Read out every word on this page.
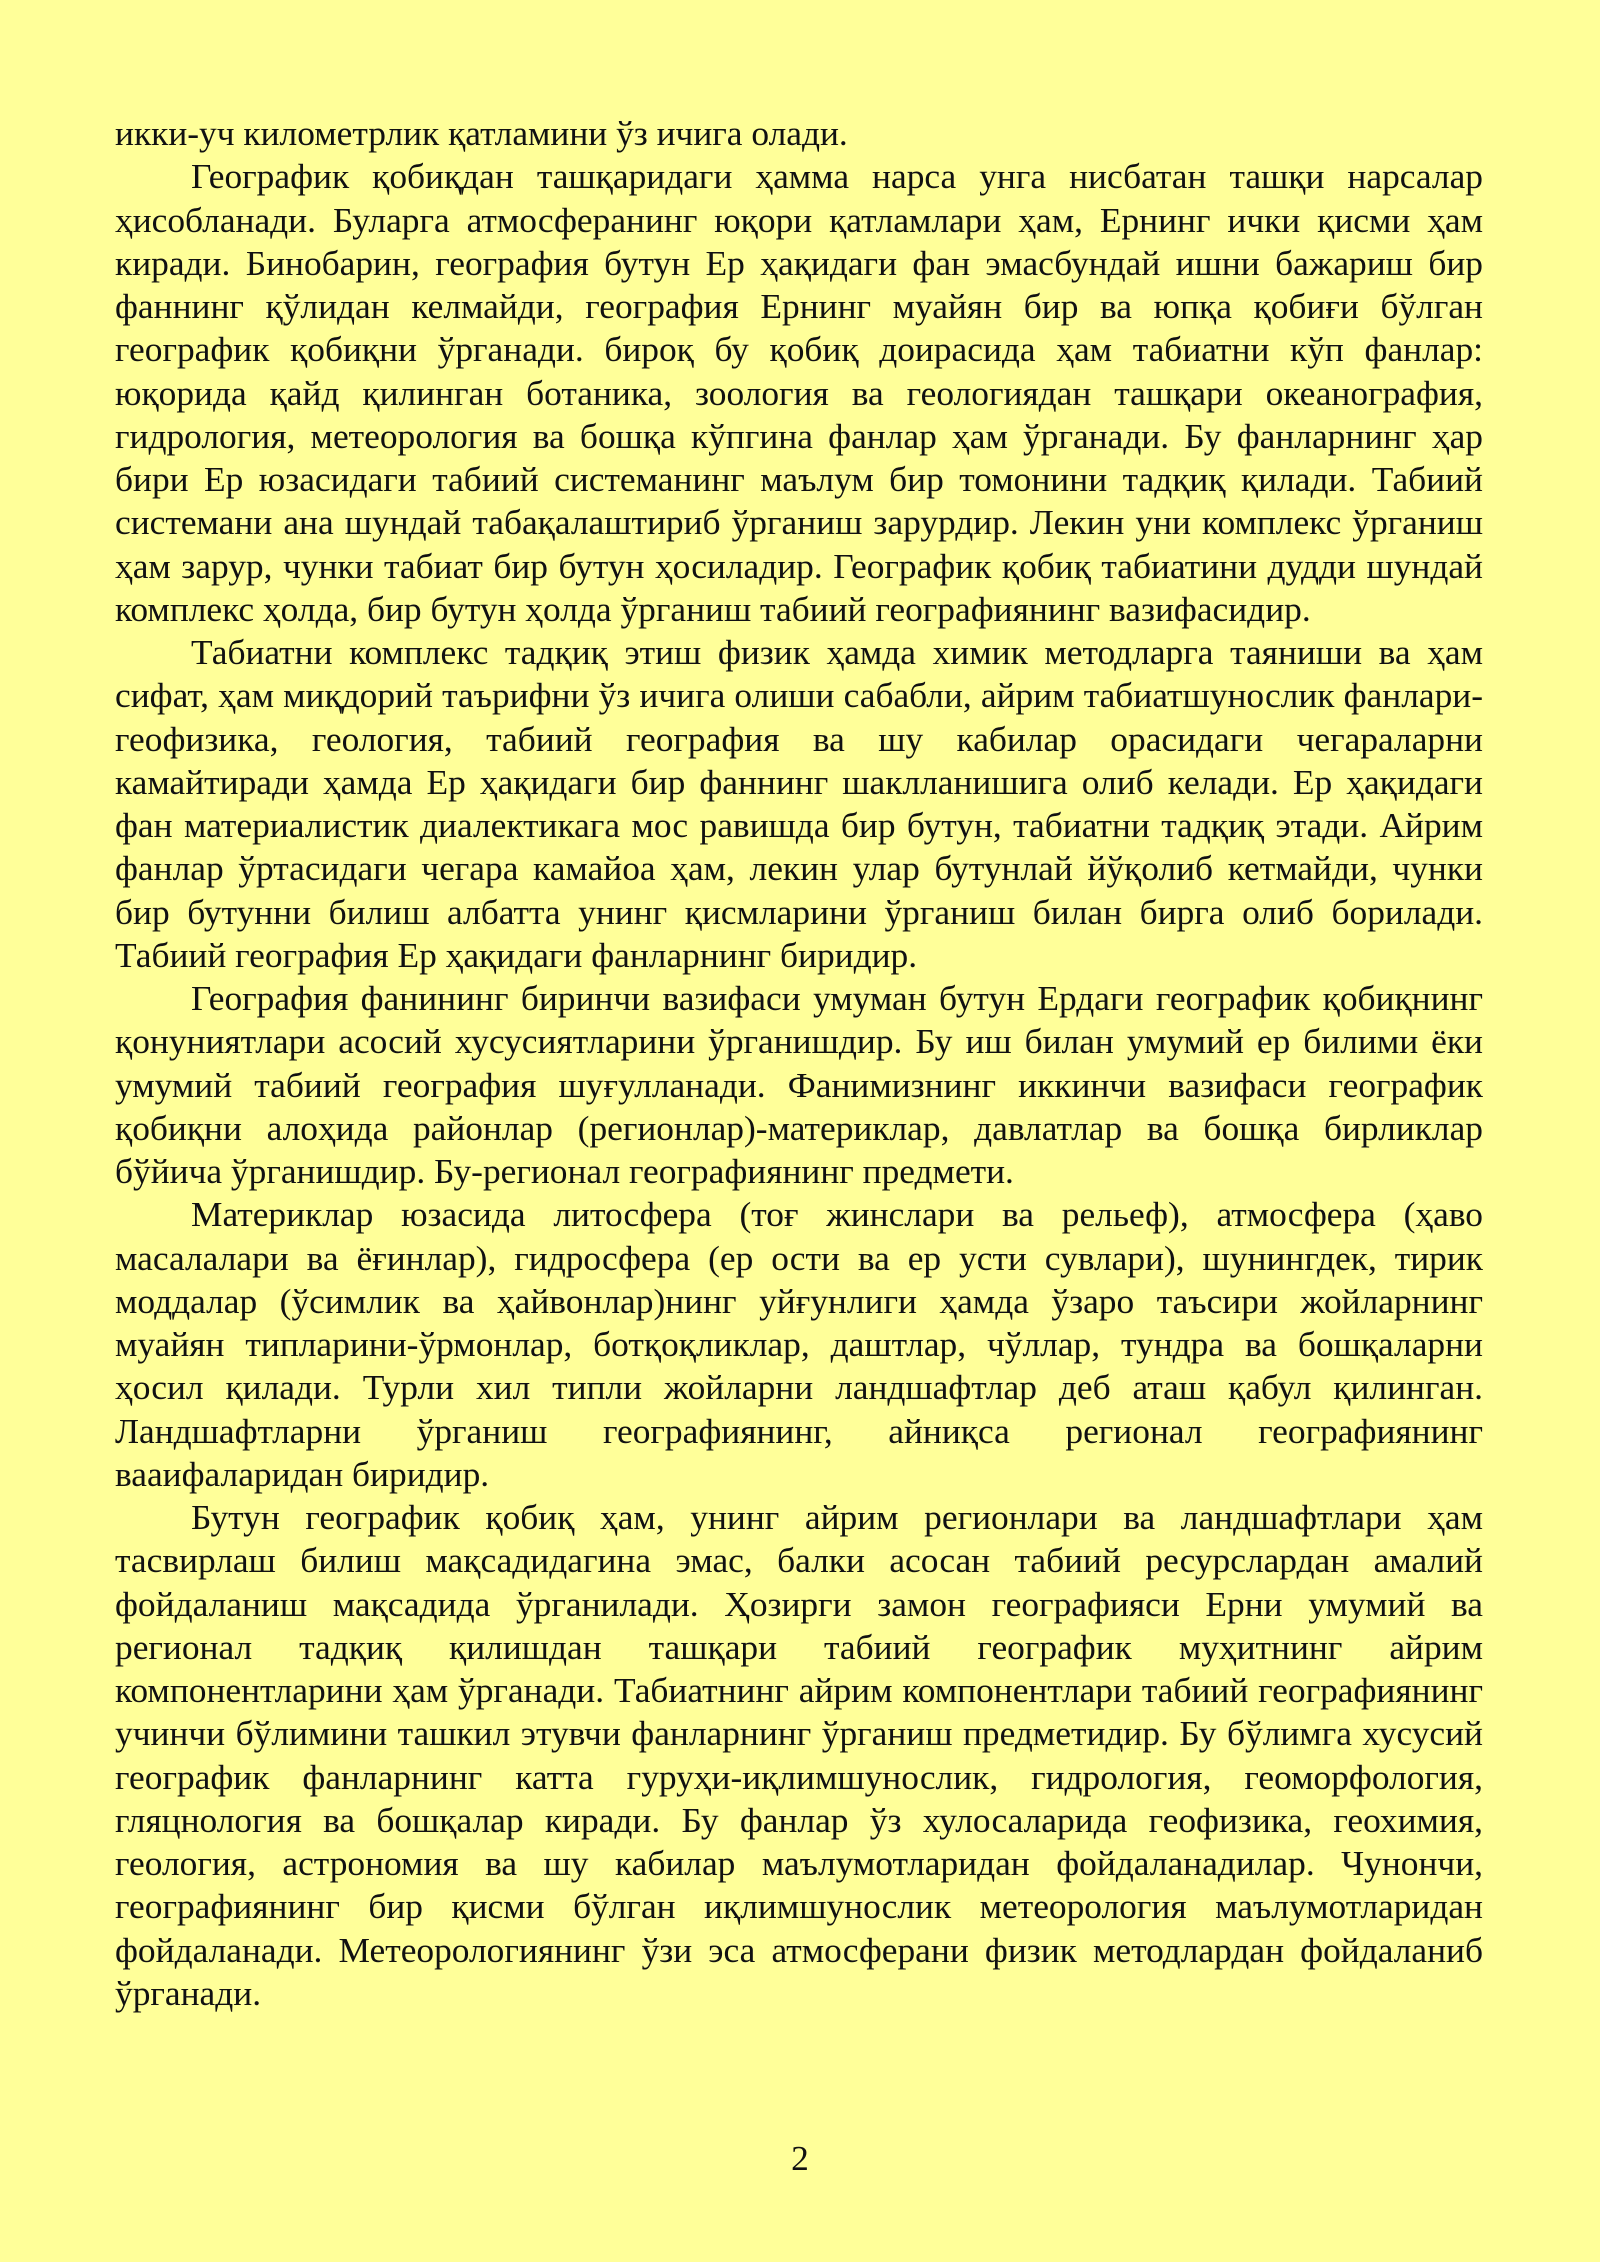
икки-уч километрлик қатламини ўз ичига олади.

Географик қобиқдан ташқаридаги ҳамма нарса унга нисбатан ташқи нарсалар ҳисобланади. Буларга атмосферанинг юқори қатламлари ҳам, Ернинг ички қисми ҳам киради. Бинобарин, география бутун Ер ҳақидаги фан эмасбундай ишни бажариш бир фаннинг қўлидан келмайди, география Ернинг муайян бир ва юпқа қобиғи бўлган географик қобиқни ўрганади. бироқ бу қобиқ доирасида ҳам табиатни кўп фанлар: юқорида қайд қилинган ботаника, зоология ва геологиядан ташқари океанография, гидрология, метеорология ва бошқа кўпгина фанлар ҳам ўрганади. Бу фанларнинг ҳар бири Ер юзасидаги табиий системанинг маълум бир томонини тадқиқ қилади. Табиий системани ана шундай табақалаштириб ўрганиш зарурдир. Лекин уни комплекс ўрганиш ҳам зарур, чунки табиат бир бутун ҳосиладир. Географик қобиқ табиатини дудди шундай комплекс ҳолда, бир бутун ҳолда ўрганиш табиий географиянинг вазифасидир.

Табиатни комплекс тадқиқ этиш физик ҳамда химик методларга таяниши ва ҳам сифат, ҳам миқдорий таърифни ўз ичига олиши сабабли, айрим табиатшунослик фанлари-геофизика, геология, табиий география ва шу кабилар орасидаги чегараларни камайтиради ҳамда Ер ҳақидаги бир фаннинг шаклланишига олиб келади. Ер ҳақидаги фан материалистик диалектикага мос равишда бир бутун, табиатни тадқиқ этади. Айрим фанлар ўртасидаги чегара камайоа ҳам, лекин улар бутунлай йўқолиб кетмайди, чунки бир бутунни билиш албатта унинг қисмларини ўрганиш билан бирга олиб борилади. Табиий география Ер ҳақидаги фанларнинг биридир.

География фанининг биринчи вазифаси умуман бутун Ердаги географик қобиқнинг қонуниятлари асосий хусусиятларини ўрганишдир. Бу иш билан умумий ер билими ёки умумий табиий география шуғулланади. Фанимизнинг иккинчи вазифаси географик қобиқни алоҳида районлар (регионлар)-материклар, давлатлар ва бошқа бирликлар бўйича ўрганишдир. Бу-регионал географиянинг предмети.

Материклар юзасида литосфера (тоғ жинслари ва рельеф), атмосфера (ҳаво масалалари ва ёғинлар), гидросфера (ер ости ва ер усти сувлари), шунингдек, тирик моддалар (ўсимлик ва ҳайвонлар)нинг уйғунлиги ҳамда ўзаро таъсири жойларнинг муайян типларини-ўрмонлар, ботқоқликлар, даштлар, чўллар, тундра ва бошқаларни ҳосил қилади. Турли хил типли жойларни ландшафтлар деб аташ қабул қилинган. Ландшафтларни ўрганиш географиянинг, айниқса регионал географиянинг вааифаларидан биридир.

Бутун географик қобиқ ҳам, унинг айрим регионлари ва ландшафтлари ҳам тасвирлаш билиш мақсадидагина эмас, балки асосан табиий ресурслардан амалий фойдаланиш мақсадида ўрганилади. Ҳозирги замон географияси Ерни умумий ва регионал тадқиқ қилишдан ташқари табиий географик муҳитнинг айрим компонентларини ҳам ўрганади. Табиатнинг айрим компонентлари табиий географиянинг учинчи бўлимини ташкил этувчи фанларнинг ўрганиш предметидир. Бу бўлимга хусусий географик фанларнинг катта гуруҳи-иқлимшунослик, гидрология, геоморфология, гляцнология ва бошқалар киради. Бу фанлар ўз хулосаларида геофизика, геохимия, геология, астрономия ва шу кабилар маълумотларидан фойдаланадилар. Чунончи, географиянинг бир қисми бўлган иқлимшунослик метеорология маълумотларидан фойдаланади. Метеорологиянинг ўзи эса атмосферани физик методлардан фойдаланиб ўрганади.

2
